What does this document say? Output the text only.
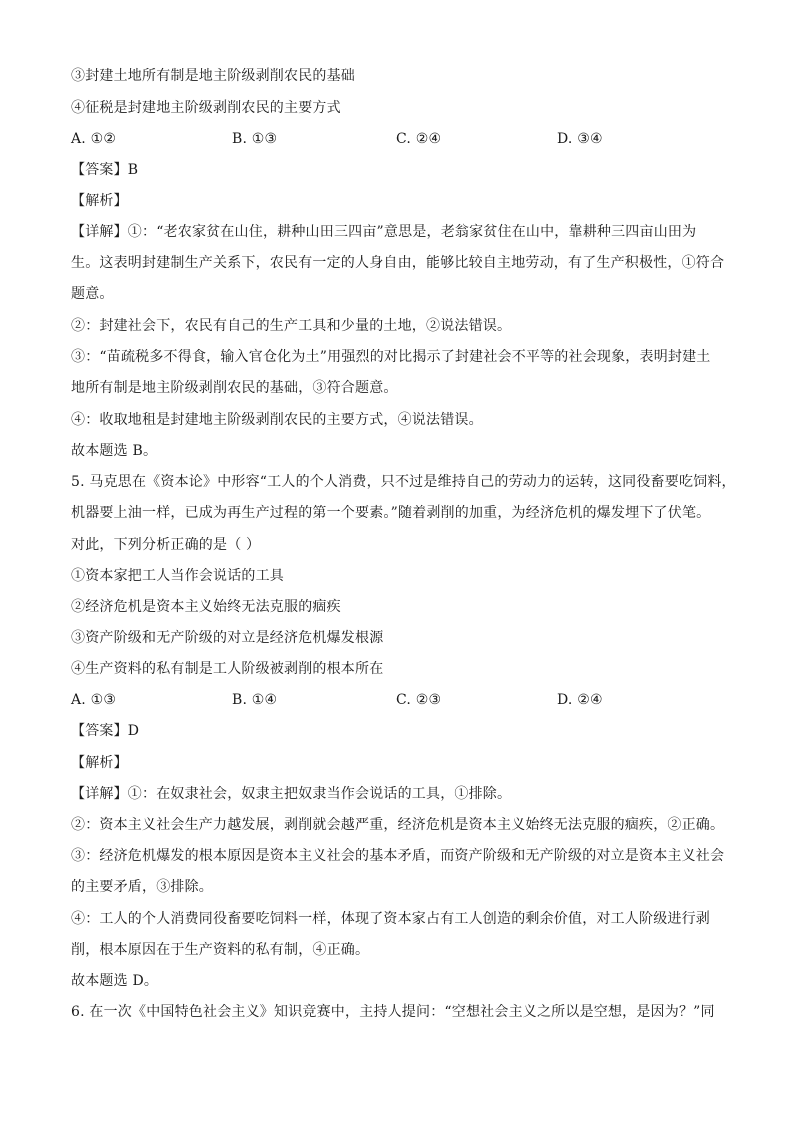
③封建土地所有制是地主阶级剥削农民的基础
④征税是封建地主阶级剥削农民的主要方式
A. ①②	B. ①③	C. ②④	D. ③④
【答案】B
【解析】
【详解】①：“老农家贫在山住，耕种山田三四亩”意思是，老翁家贫住在山中，靠耕种三四亩山田为
生。这表明封建制生产关系下，农民有一定的人身自由，能够比较自主地劳动，有了生产积极性，①符合
题意。
②：封建社会下，农民有自己的生产工具和少量的土地，②说法错误。
③：“苗疏税多不得食，输入官仓化为土”用强烈的对比揭示了封建社会不平等的社会现象，表明封建土
地所有制是地主阶级剥削农民的基础，③符合题意。
④：收取地租是封建地主阶级剥削农民的主要方式，④说法错误。
故本题选 B。
5. 马克思在《资本论》中形容“工人的个人消费，只不过是维持自己的劳动力的运转，这同役畜要吃饲料，
机器要上油一样，已成为再生产过程的第一个要素。”随着剥削的加重，为经济危机的爆发埋下了伏笔。
对此，下列分析正确的是（ ）
①资本家把工人当作会说话的工具
②经济危机是资本主义始终无法克服的痼疾
③资产阶级和无产阶级的对立是经济危机爆发根源
④生产资料的私有制是工人阶级被剥削的根本所在
A. ①③	B. ①④	C. ②③	D. ②④
【答案】D
【解析】
【详解】①：在奴隶社会，奴隶主把奴隶当作会说话的工具，①排除。
②：资本主义社会生产力越发展，剥削就会越严重，经济危机是资本主义始终无法克服的痼疾，②正确。
③：经济危机爆发的根本原因是资本主义社会的基本矛盾，而资产阶级和无产阶级的对立是资本主义社会
的主要矛盾，③排除。
④：工人的个人消费同役畜要吃饲料一样，体现了资本家占有工人创造的剩余价值，对工人阶级进行剥
削，根本原因在于生产资料的私有制，④正确。
故本题选 D。
6. 在一次《中国特色社会主义》知识竞赛中，主持人提问：“空想社会主义之所以是空想，是因为？”同
